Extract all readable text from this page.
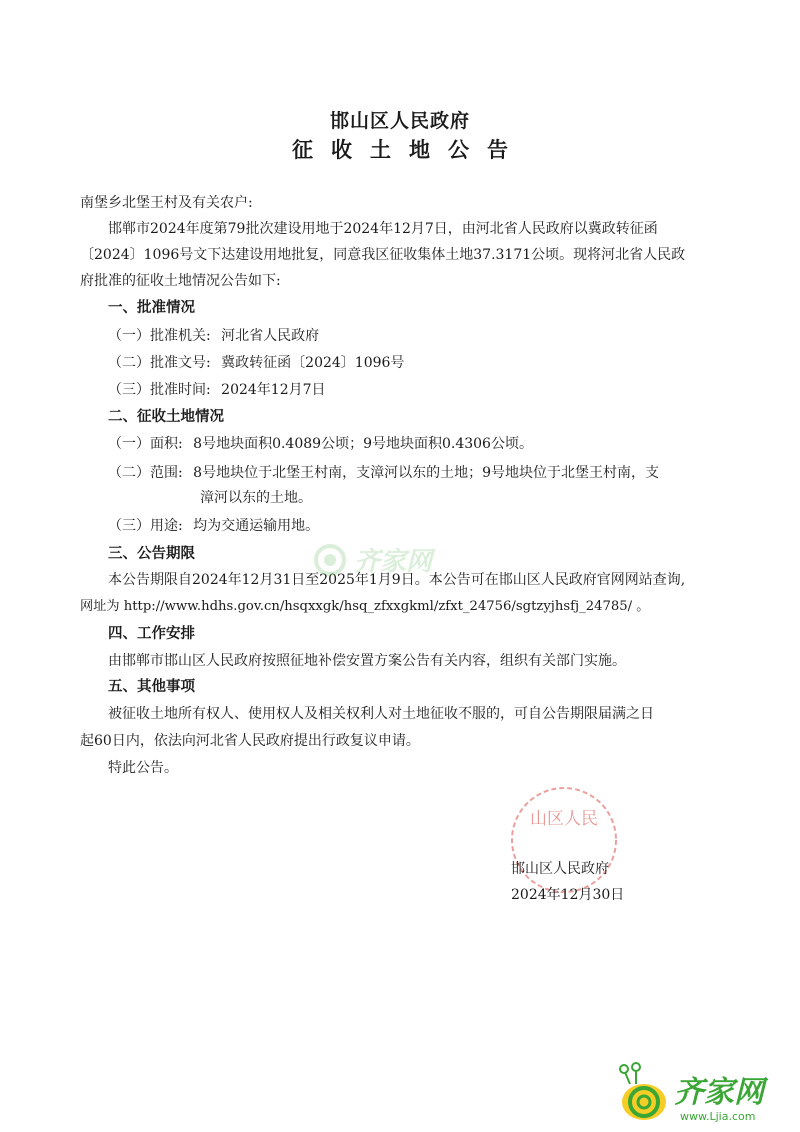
邯山区人民政府
征收土地公告
南堡乡北堡王村及有关农户:
邯郸市2024年度第79批次建设用地于2024年12月7日，由河北省人民政府以冀政转征函
〔2024〕1096号文下达建设用地批复，同意我区征收集体土地37.3171公顷。现将河北省人民政
府批准的征收土地情况公告如下:
一、批准情况
（一）批准机关: 河北省人民政府
（二）批准文号: 冀政转征函〔2024〕1096号
（三）批准时间: 2024年12月7日
二、征收土地情况
（一）面积: 8号地块面积0.4089公顷；9号地块面积0.4306公顷。
（二）范围: 8号地块位于北堡王村南，支漳河以东的土地；9号地块位于北堡王村南，支
漳河以东的土地。
（三）用途: 均为交通运输用地。
三、公告期限
本公告期限自2024年12月31日至2025年1月9日。本公告可在邯山区人民政府官网网站查询,
网址为 http://www.hdhs.gov.cn/hsqxxgk/hsq_zfxxgkml/zfxt_24756/sgtzyjhsfj_24785/ 。
四、工作安排
由邯郸市邯山区人民政府按照征地补偿安置方案公告有关内容，组织有关部门实施。
五、其他事项
被征收土地所有权人、使用权人及相关权利人对土地征收不服的，可自公告期限届满之日
起60日内，依法向河北省人民政府提出行政复议申请。
特此公告。
齐家网
山区人民
邯山区人民政府
2024年12月30日
齐家网
www.Ljia.com
